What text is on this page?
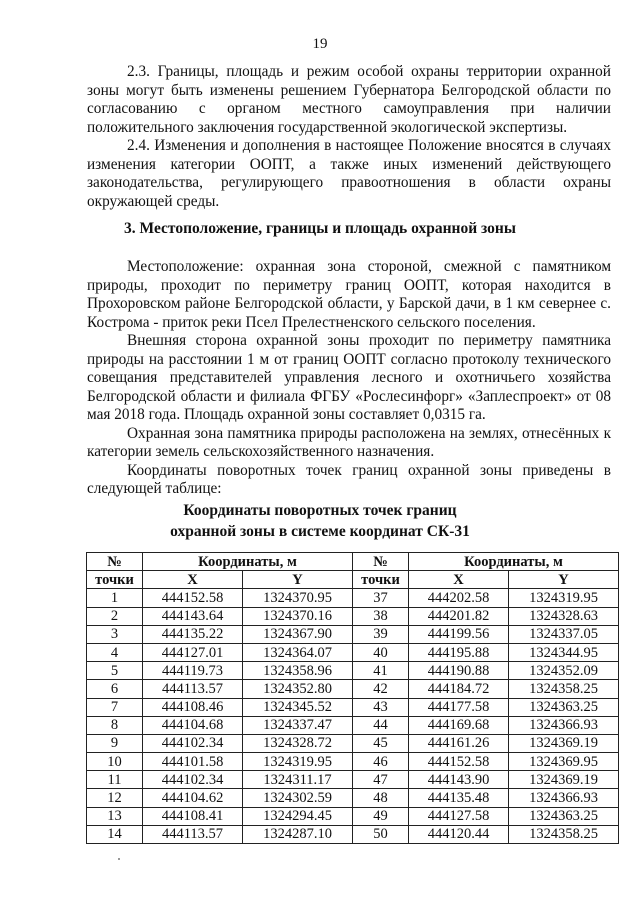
19

2.3. Границы, площадь и режим особой охраны территории охранной зоны могут быть изменены решением Губернатора Белгородской области по согласованию с органом местного самоуправления при наличии положительного заключения государственной экологической экспертизы.

2.4. Изменения и дополнения в настоящее Положение вносятся в случаях изменения категории ООПТ, а также иных изменений действующего законодательства, регулирующего правоотношения в области охраны окружающей среды.

3. Местоположение, границы и площадь охранной зоны

Местоположение: охранная зона стороной, смежной с памятником природы, проходит по периметру границ ООПТ, которая находится в Прохоровском районе Белгородской области, у Барской дачи, в 1 км севернее с. Кострома - приток реки Псел Прелестненского сельского поселения.

Внешняя сторона охранной зоны проходит по периметру памятника природы на расстоянии 1 м от границ ООПТ согласно протоколу технического совещания представителей управления лесного и охотничьего хозяйства Белгородской области и филиала ФГБУ «Рослесинфорг» «Заплеспроект» от 08 мая 2018 года. Площадь охранной зоны составляет 0,0315 га.

Охранная зона памятника природы расположена на землях, отнесённых к категории земель сельскохозяйственного назначения.

Координаты поворотных точек границ охранной зоны приведены в следующей таблице:

Координаты поворотных точек границ
охранной зоны в системе координат СК-31
№	Координаты, м		№	Координаты, м	
точки	X	Y	точки	X	Y
1	444152.58	1324370.95	37	444202.58	1324319.95
2	444143.64	1324370.16	38	444201.82	1324328.63
3	444135.22	1324367.90	39	444199.56	1324337.05
4	444127.01	1324364.07	40	444195.88	1324344.95
5	444119.73	1324358.96	41	444190.88	1324352.09
6	444113.57	1324352.80	42	444184.72	1324358.25
7	444108.46	1324345.52	43	444177.58	1324363.25
8	444104.68	1324337.47	44	444169.68	1324366.93
9	444102.34	1324328.72	45	444161.26	1324369.19
10	444101.58	1324319.95	46	444152.58	1324369.95
11	444102.34	1324311.17	47	444143.90	1324369.19
12	444104.62	1324302.59	48	444135.48	1324366.93
13	444108.41	1324294.45	49	444127.58	1324363.25
14	444113.57	1324287.10	50	444120.44	1324358.25
